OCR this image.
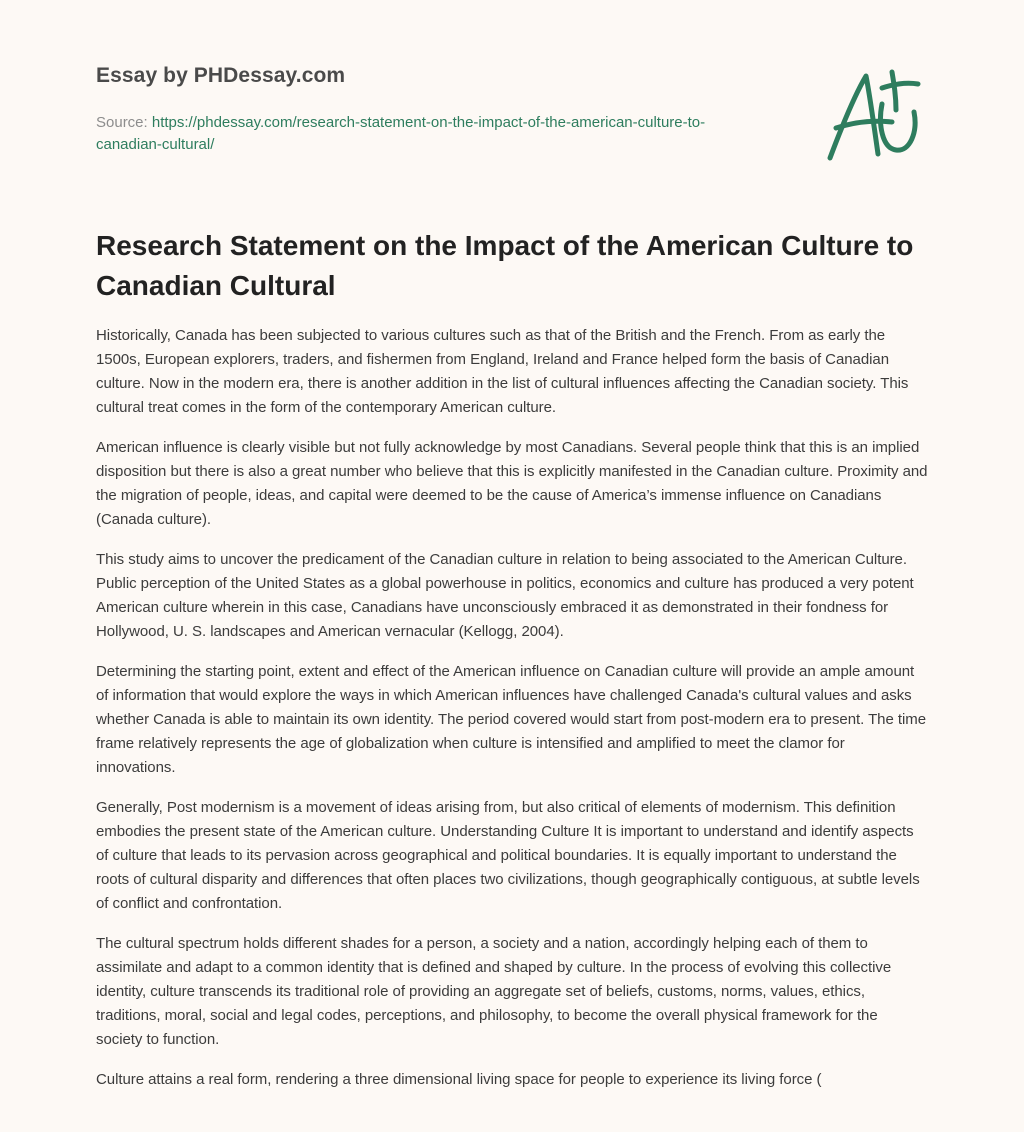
Essay by PHDessay.com
Source: https://phdessay.com/research-statement-on-the-impact-of-the-american-culture-to-canadian-cultural/
Research Statement on the Impact of the American Culture to Canadian Cultural

Historically, Canada has been subjected to various cultures such as that of the British and the French. From as early the 1500s, European explorers, traders, and fishermen from England, Ireland and France helped form the basis of Canadian culture. Now in the modern era, there is another addition in the list of cultural influences affecting the Canadian society. This cultural treat comes in the form of the contemporary American culture.

American influence is clearly visible but not fully acknowledge by most Canadians. Several people think that this is an implied disposition but there is also a great number who believe that this is explicitly manifested in the Canadian culture. Proximity and the migration of people, ideas, and capital were deemed to be the cause of America’s immense influence on Canadians (Canada culture).

This study aims to uncover the predicament of the Canadian culture in relation to being associated to the American Culture. Public perception of the United States as a global powerhouse in politics, economics and culture has produced a very potent American culture wherein in this case, Canadians have unconsciously embraced it as demonstrated in their fondness for Hollywood, U. S. landscapes and American vernacular (Kellogg, 2004).

Determining the starting point, extent and effect of the American influence on Canadian culture will provide an ample amount of information that would explore the ways in which American influences have challenged Canada's cultural values and asks whether Canada is able to maintain its own identity. The period covered would start from post-modern era to present. The time frame relatively represents the age of globalization when culture is intensified and amplified to meet the clamor for innovations.

Generally, Post modernism is a movement of ideas arising from, but also critical of elements of modernism. This definition embodies the present state of the American culture. Understanding Culture It is important to understand and identify aspects of culture that leads to its pervasion across geographical and political boundaries. It is equally important to understand the roots of cultural disparity and differences that often places two civilizations, though geographically contiguous, at subtle levels of conflict and confrontation.

The cultural spectrum holds different shades for a person, a society and a nation, accordingly helping each of them to assimilate and adapt to a common identity that is defined and shaped by culture. In the process of evolving this collective identity, culture transcends its traditional role of providing an aggregate set of beliefs, customs, norms, values, ethics, traditions, moral, social and legal codes, perceptions, and philosophy, to become the overall physical framework for the society to function.

Culture attains a real form, rendering a three dimensional living space for people to experience its living force (
